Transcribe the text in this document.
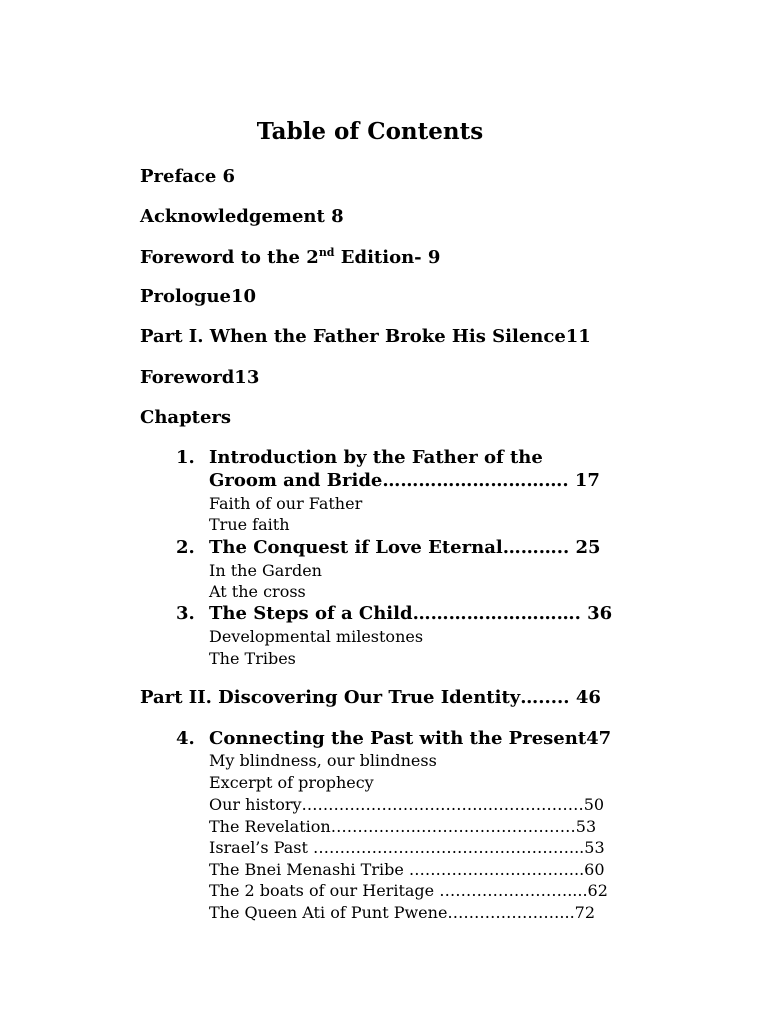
Table of Contents
Preface 6
Acknowledgement 8
Foreword to the 2nd Edition- 9
Prologue10
Part I. When the Father Broke His Silence11
Foreword13
Chapters
1. Introduction by the Father of the
Groom and Bride…………………………. 17
Faith of our Father
True faith
2. The Conquest if Love Eternal……….. 25
In the Garden
At the cross
3. The Steps of a Child………………………. 36
Developmental milestones
The Tribes
Part II. Discovering Our True Identity…..... 46
4. Connecting the Past with the Present47
My blindness, our blindness
Excerpt of prophecy
Our history……………………………..………………50
The Revelation…………….…………………………53
Israel’s Past …………………………………………...53
The Bnei Menashi Tribe …………………………...60
The 2 boats of our Heritage ……………………....62
The Queen Ati of Punt Pwene…………………...72
